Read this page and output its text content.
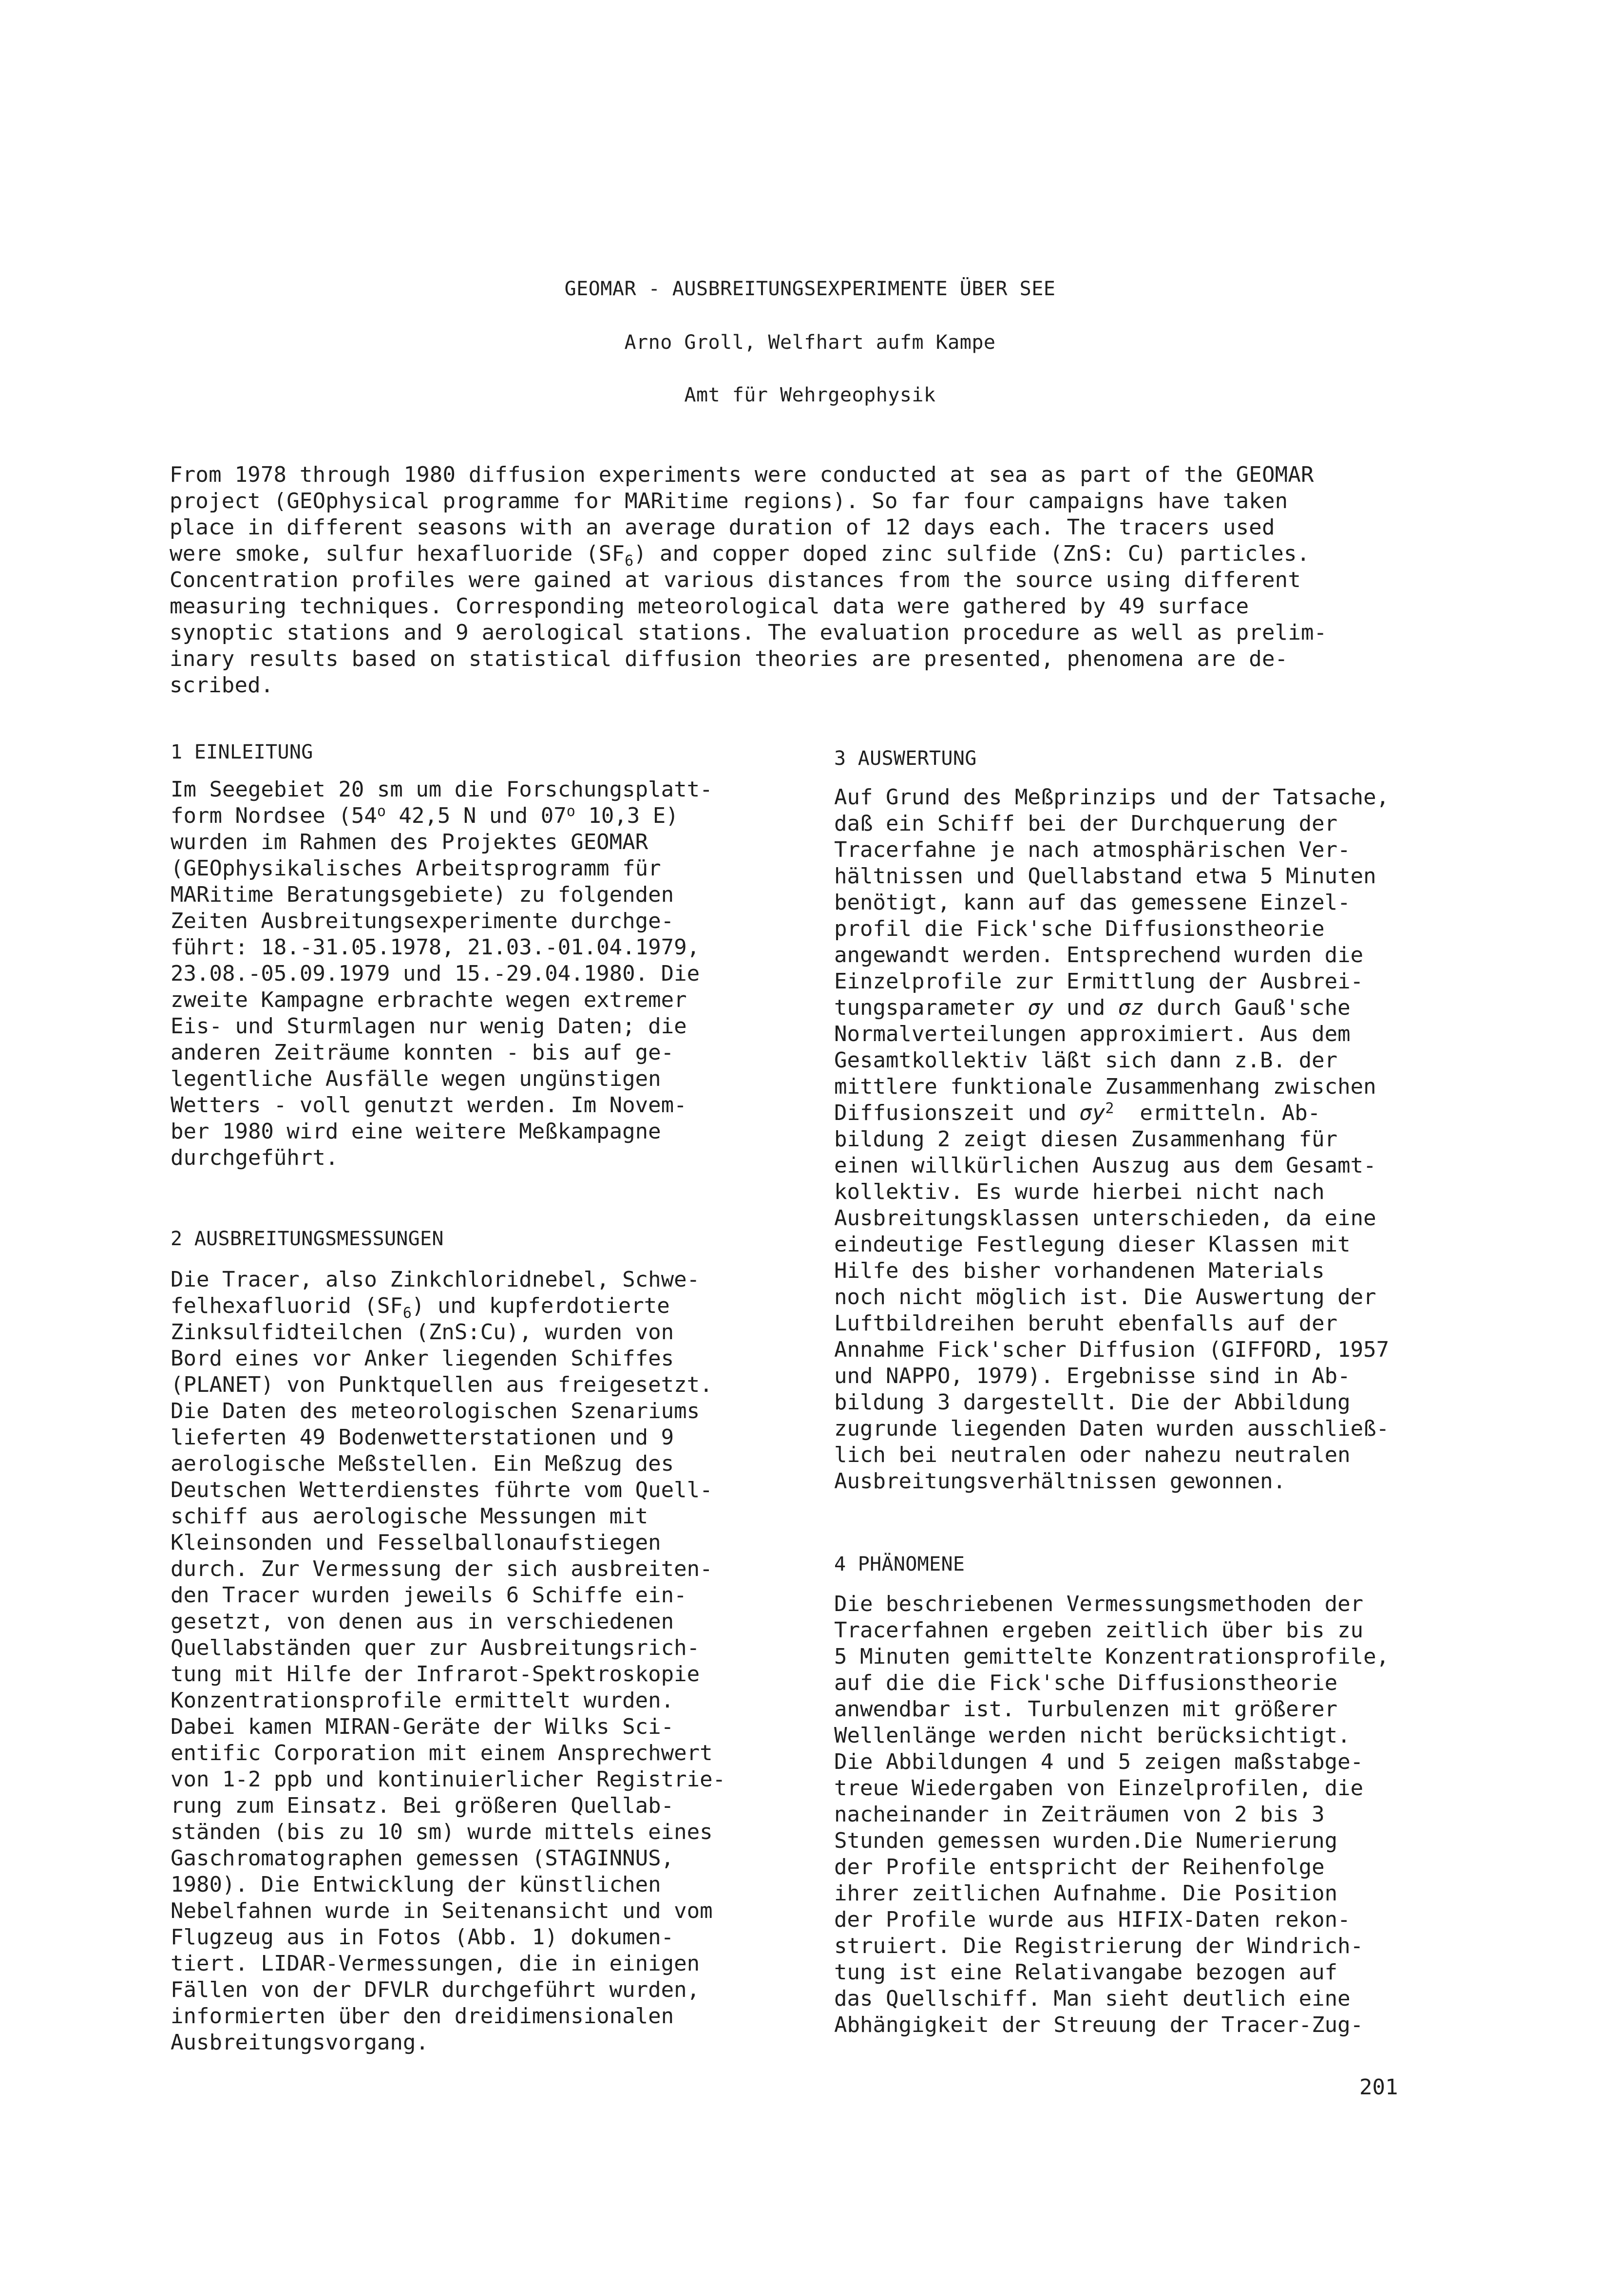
GEOMAR - AUSBREITUNGSEXPERIMENTE ÜBER SEE
Arno Groll, Welfhart aufm Kampe
Amt für Wehrgeophysik
From 1978 through 1980 diffusion experiments were conducted at sea as part of the GEOMAR
project (GEOphysical programme for MARitime regions). So far four campaigns have taken
place in different seasons with an average duration of 12 days each. The tracers used
were smoke, sulfur hexafluoride $(SF_6)$ and copper doped zinc sulfide (ZnS: Cu) particles.
Concentration profiles were gained at various distances from the source using different
measuring techniques. Corresponding meteorological data were gathered by 49 surface
synoptic stations and 9 aerological stations. The evaluation procedure as well as prelim-
inary results based on statistical diffusion theories are presented, phenomena are de-
scribed.
1 EINLEITUNG
Im Seegebiet 20 sm um die Forschungsplatt-
form Nordsee (54$^o$ 42,5 N und 07$^o$ 10,3 E)
wurden im Rahmen des Projektes GEOMAR
(GEOphysikalisches Arbeitsprogramm für
MARitime Beratungsgebiete) zu folgenden
Zeiten Ausbreitungsexperimente durchge-
führt: 18.-31.05.1978, 21.03.-01.04.1979,
23.08.-05.09.1979 und 15.-29.04.1980. Die
zweite Kampagne erbrachte wegen extremer
Eis- und Sturmlagen nur wenig Daten; die
anderen Zeiträume konnten - bis auf ge-
legentliche Ausfälle wegen ungünstigen
Wetters - voll genutzt werden. Im Novem-
ber 1980 wird eine weitere Meßkampagne
durchgeführt.
2 AUSBREITUNGSMESSUNGEN
Die Tracer, also Zinkchloridnebel, Schwe-
felhexafluorid $(SF_6)$ und kupferdotierte
Zinksulfidteilchen (ZnS:Cu), wurden von
Bord eines vor Anker liegenden Schiffes
(PLANET) von Punktquellen aus freigesetzt.
Die Daten des meteorologischen Szenariums
lieferten 49 Bodenwetterstationen und 9
aerologische Meßstellen. Ein Meßzug des
Deutschen Wetterdienstes führte vom Quell-
schiff aus aerologische Messungen mit
Kleinsonden und Fesselballonaufstiegen
durch. Zur Vermessung der sich ausbreiten-
den Tracer wurden jeweils 6 Schiffe ein-
gesetzt, von denen aus in verschiedenen
Quellabständen quer zur Ausbreitungsrich-
tung mit Hilfe der Infrarot-Spektroskopie
Konzentrationsprofile ermittelt wurden.
Dabei kamen MIRAN-Geräte der Wilks Sci-
entific Corporation mit einem Ansprechwert
von 1-2 ppb und kontinuierlicher Registrie-
rung zum Einsatz. Bei größeren Quellab-
ständen (bis zu 10 sm) wurde mittels eines
Gaschromatographen gemessen (STAGINNUS,
1980). Die Entwicklung der künstlichen
Nebelfahnen wurde in Seitenansicht und vom
Flugzeug aus in Fotos (Abb. 1) dokumen-
tiert. LIDAR-Vermessungen, die in einigen
Fällen von der DFVLR durchgeführt wurden,
informierten über den dreidimensionalen
Ausbreitungsvorgang.
3 AUSWERTUNG
Auf Grund des Meßprinzips und der Tatsache,
daß ein Schiff bei der Durchquerung der
Tracerfahne je nach atmosphärischen Ver-
hältnissen und Quellabstand etwa 5 Minuten
benötigt, kann auf das gemessene Einzel-
profil die Fick'sche Diffusionstheorie
angewandt werden. Entsprechend wurden die
Einzelprofile zur Ermittlung der Ausbrei-
tungsparameter σy und σz durch Gauß'sche
Normalverteilungen approximiert. Aus dem
Gesamtkollektiv läßt sich dann z.B. der
mittlere funktionale Zusammenhang zwischen
Diffusionszeit und $\sigma y^2$  ermitteln. Ab-
bildung 2 zeigt diesen Zusammenhang für
einen willkürlichen Auszug aus dem Gesamt-
kollektiv. Es wurde hierbei nicht nach
Ausbreitungsklassen unterschieden, da eine
eindeutige Festlegung dieser Klassen mit
Hilfe des bisher vorhandenen Materials
noch nicht möglich ist. Die Auswertung der
Luftbildreihen beruht ebenfalls auf der
Annahme Fick'scher Diffusion (GIFFORD, 1957
und NAPPO, 1979). Ergebnisse sind in Ab-
bildung 3 dargestellt. Die der Abbildung
zugrunde liegenden Daten wurden ausschließ-
lich bei neutralen oder nahezu neutralen
Ausbreitungsverhältnissen gewonnen.
4 PHÄNOMENE
Die beschriebenen Vermessungsmethoden der
Tracerfahnen ergeben zeitlich über bis zu
5 Minuten gemittelte Konzentrationsprofile,
auf die die Fick'sche Diffusionstheorie
anwendbar ist. Turbulenzen mit größerer
Wellenlänge werden nicht berücksichtigt.
Die Abbildungen 4 und 5 zeigen maßstabge-
treue Wiedergaben von Einzelprofilen, die
nacheinander in Zeiträumen von 2 bis 3
Stunden gemessen wurden.Die Numerierung
der Profile entspricht der Reihenfolge
ihrer zeitlichen Aufnahme. Die Position
der Profile wurde aus HIFIX-Daten rekon-
struiert. Die Registrierung der Windrich-
tung ist eine Relativangabe bezogen auf
das Quellschiff. Man sieht deutlich eine
Abhängigkeit der Streuung der Tracer-Zug-
201
